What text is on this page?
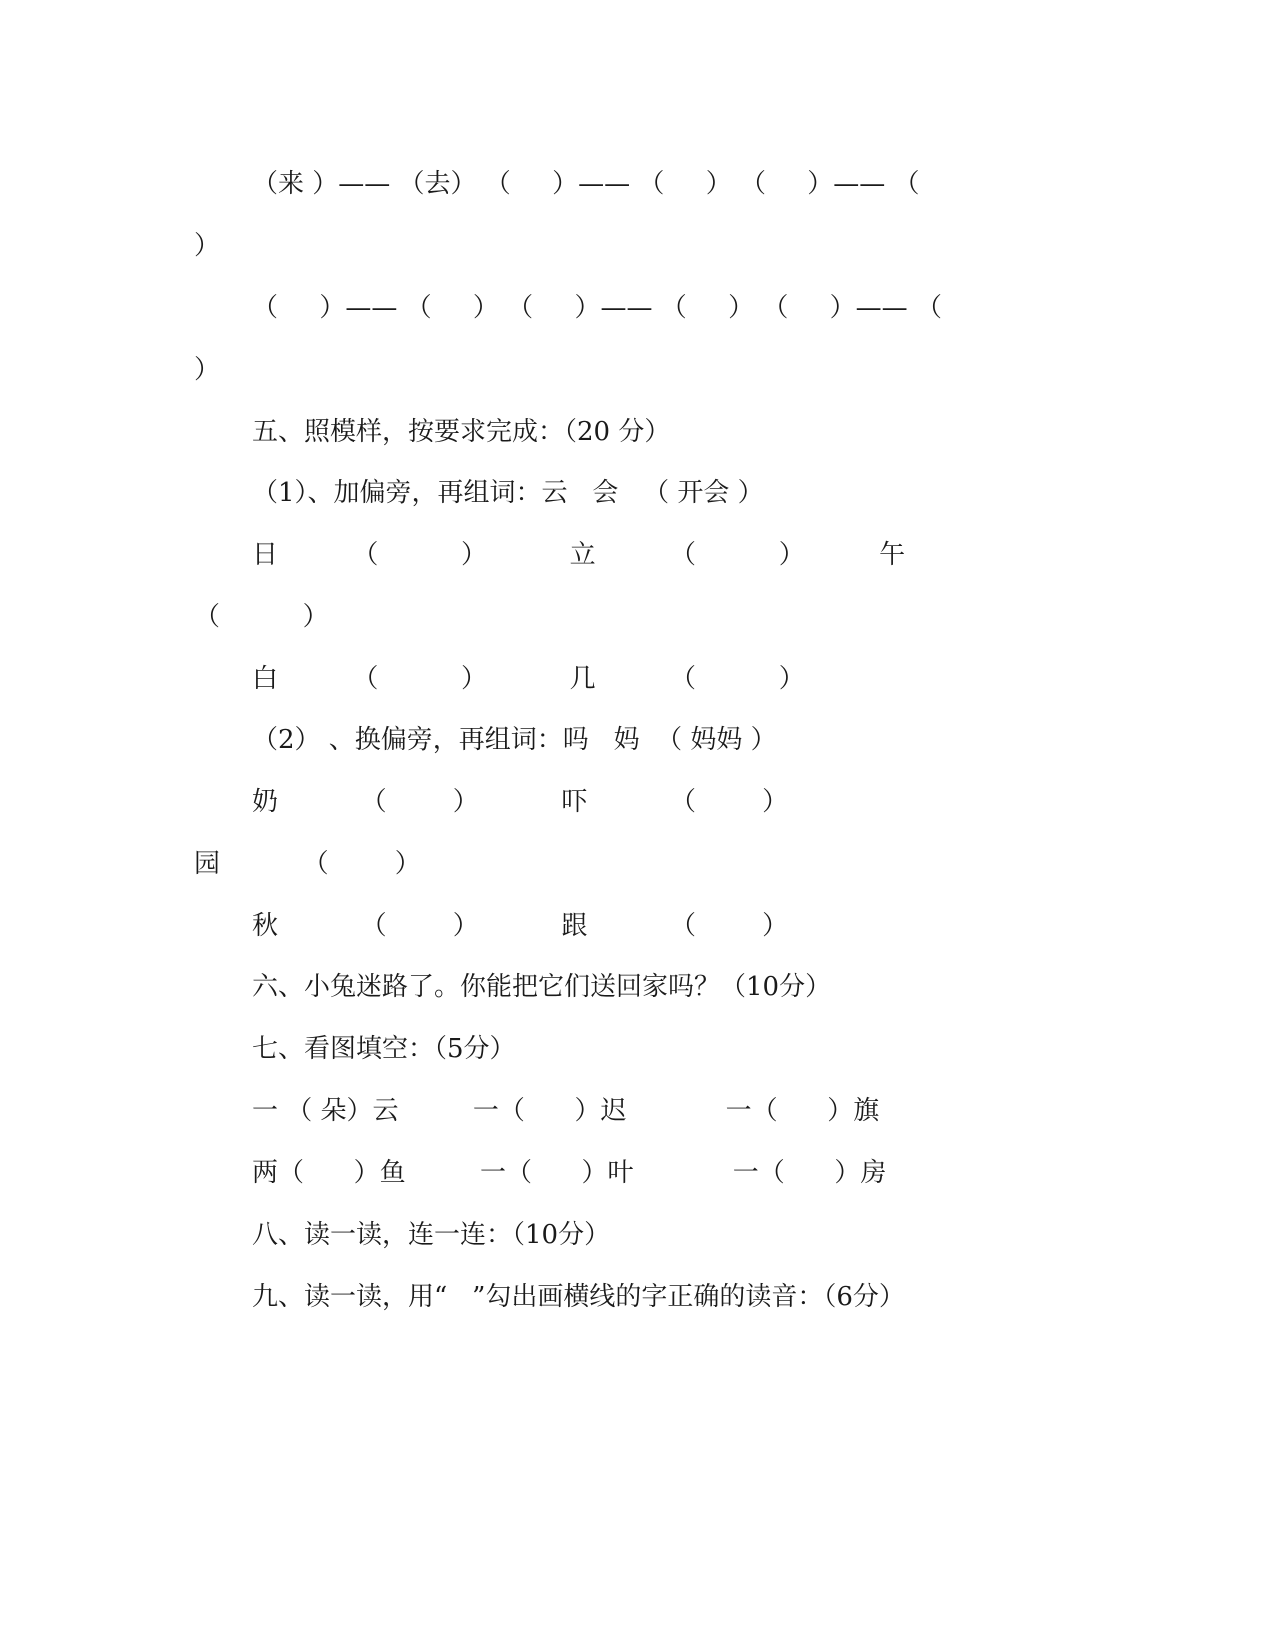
（来 ）—— （去） （     ）—— （     ） （     ）—— （
）
（     ）—— （     ） （     ）—— （     ） （     ）—— （
）
五、照模样，按要求完成：（20 分）
（1）、加偏旁，再组词：云   会   （ 开会 ）
日         （          ）          立         （          ）         午
（          ）
白         （          ）          几         （          ）
（2） 、换偏旁，再组词：吗   妈  （ 妈妈 ）
奶          （        ）          吓          （        ）
园          （        ）
秋          （        ）          跟          （        ）
六、小兔迷路了。你能把它们送回家吗？（10分）
七、看图填空：（5分）
一 （ 朵）云         一（      ）迟            一（      ）旗
两（      ）鱼         一（      ）叶            一（      ）房
八、读一读，连一连：（10分）
九、读一读，用“   ”勾出画横线的字正确的读音：（6分）
